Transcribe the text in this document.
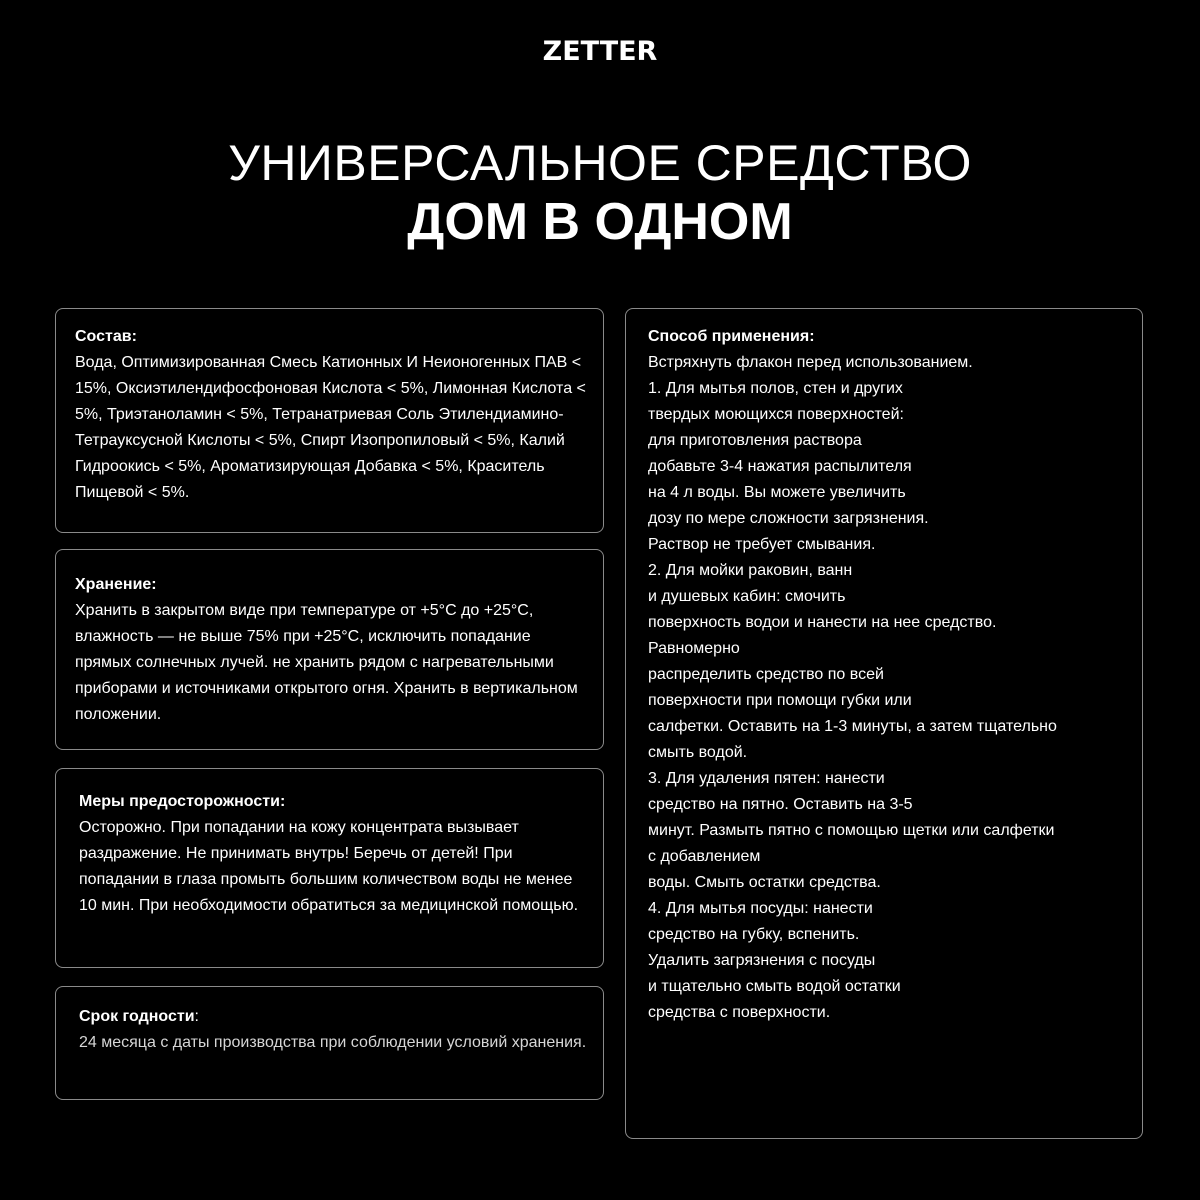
ZETTER
УНИВЕРСАЛЬНОЕ СРЕДСТВО
ДОМ В ОДНОМ

Состав:

Вода, Оптимизированная Смесь Катионных И Неионогенных ПАВ < 15%, Оксиэтилендифосфоновая Кислота < 5%, Лимонная Кислота < 5%, Триэтаноламин < 5%, Тетранатриевая Соль Этилендиамино-Тетрауксусной Кислоты < 5%, Спирт Изопропиловый < 5%, Калий Гидроокись < 5%, Ароматизирующая Добавка < 5%, Краситель Пищевой < 5%.

Хранение:

Хранить в закрытом виде при температуре от +5°С до +25°С, влажность — не выше 75% при +25°С, исключить попадание прямых солнечных лучей. не хранить рядом с нагревательными приборами и источниками открытого огня. Хранить в вертикальном положении.

Меры предосторожности:

Осторожно. При попадании на кожу концентрата вызывает раздражение. Не принимать внутрь! Беречь от детей! При попадании в глаза промыть большим количеством воды не менее 10 мин. При необходимости обратиться за медицинской помощью.

Срок годности:

24 месяца с даты производства при соблюдении условий хранения.

Способ применения:

Встряхнуть флакон перед использованием.

1. Для мытья полов, стен и других
твердых моющихся поверхностей:
для приготовления раствора
добавьте 3-4 нажатия распылителя
на 4 л воды. Вы можете увеличить
дозу по мере сложности загрязнения.
Раствор не требует смывания.

2. Для мойки раковин, ванн
и душевых кабин: смочить
поверхность водои и нанести на нее средство.
Равномерно
распределить средство по всей
поверхности при помощи губки или
салфетки. Оставить на 1-3 минуты, а затем тщательно
смыть водой.

3. Для удаления пятен: нанести
средство на пятно. Оставить на 3-5
минут. Размыть пятно с помощью щетки или салфетки
с добавлением
воды. Смыть остатки средства.

4. Для мытья посуды: нанести
средство на губку, вспенить.
Удалить загрязнения с посуды
и тщательно смыть водой остатки
средства с поверхности.
